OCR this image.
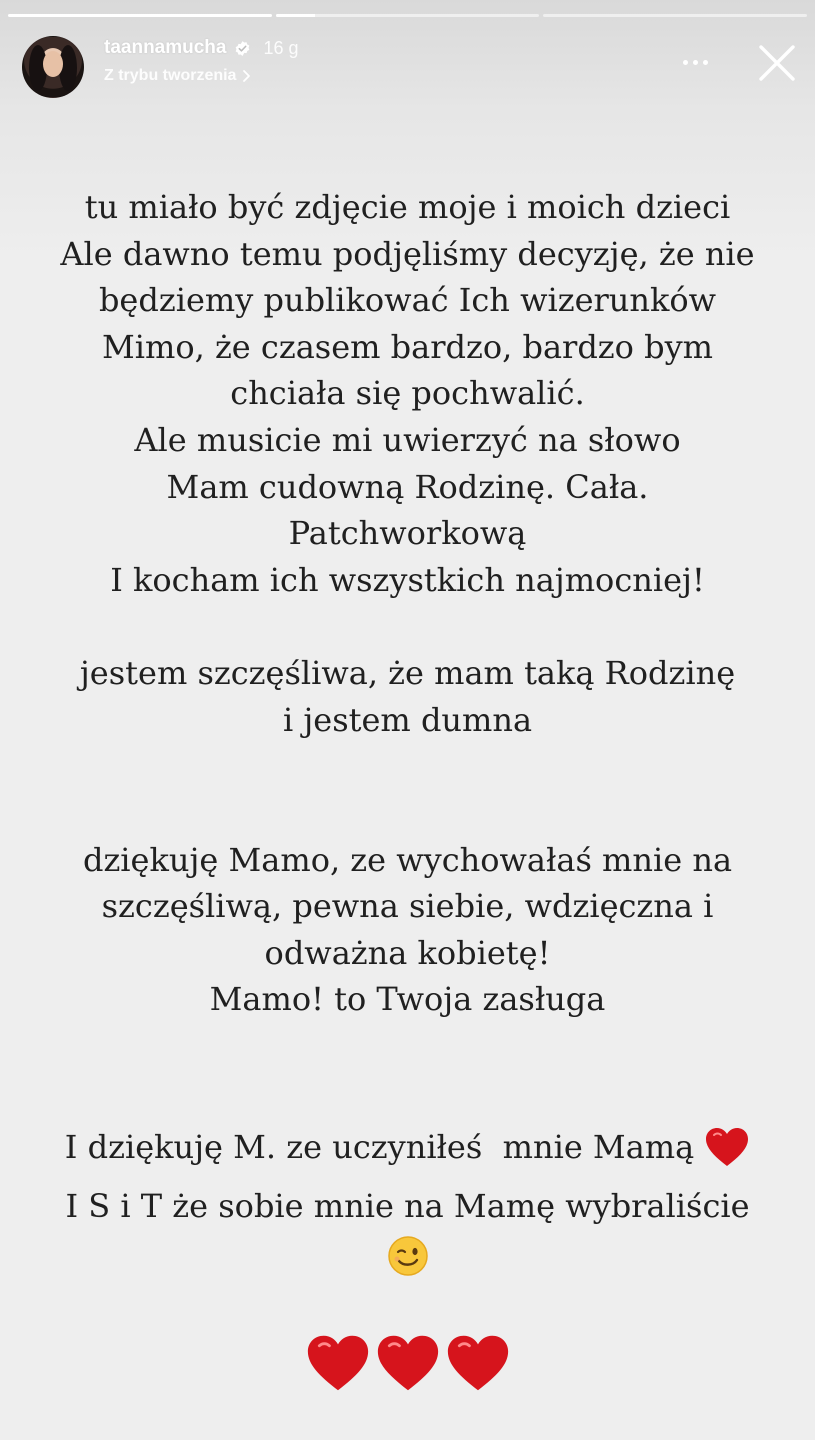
taannamucha 16 g
Z trybu tworzenia

tu miało być zdjęcie moje i moich dzieci

Ale dawno temu podjęliśmy decyzję, że nie

będziemy publikować Ich wizerunków

Mimo, że czasem bardzo, bardzo bym

chciała się pochwalić.

Ale musicie mi uwierzyć na słowo

Mam cudowną Rodzinę. Cała.

Patchworkową

I kocham ich wszystkich najmocniej!

jestem szczęśliwa, że mam taką Rodzinę

i jestem dumna

dziękuję Mamo, ze wychowałaś mnie na

szczęśliwą, pewna siebie, wdzięczna i

odważna kobietę!

Mamo! to Twoja zasługa

I dziękuję M. ze uczyniłeś  mnie Mamą

I S i T że sobie mnie na Mamę wybraliście
